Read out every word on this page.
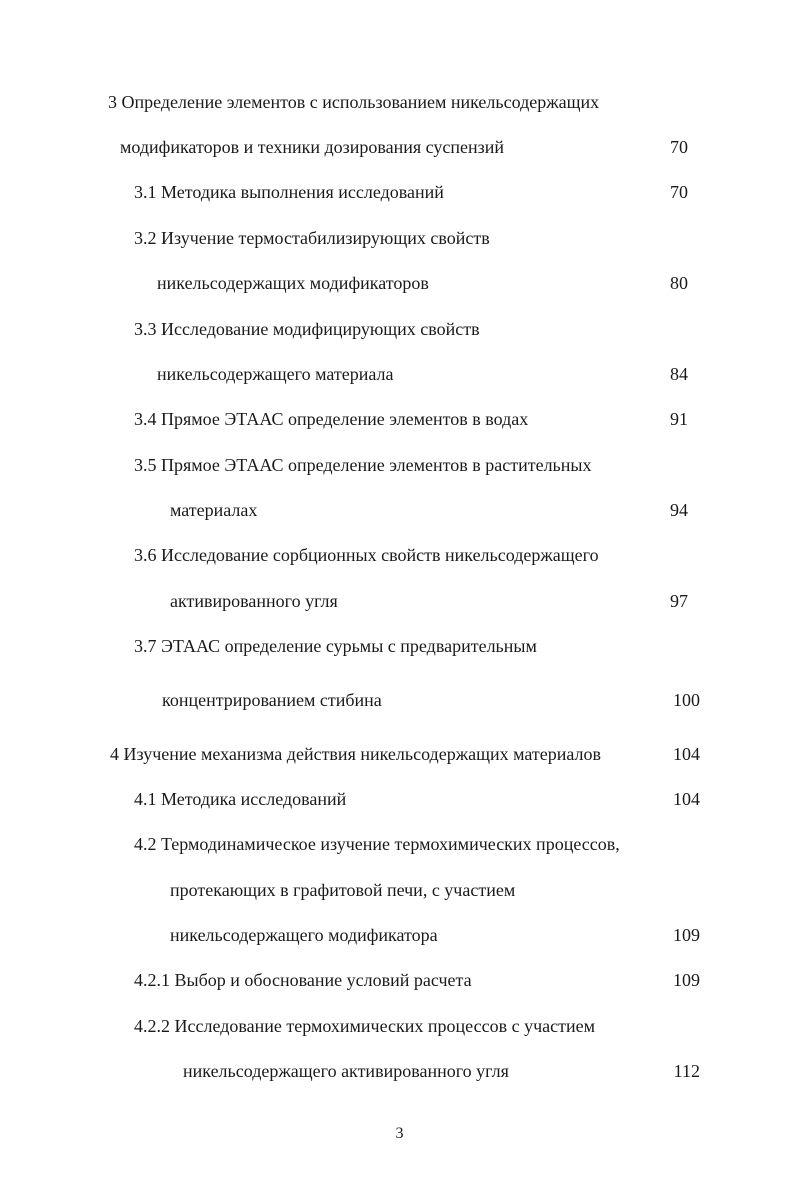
3 Определение элементов с использованием никельсодержащих
модификаторов и техники дозирования суспензий	70
3.1 Методика выполнения исследований	70
3.2 Изучение термостабилизирующих свойств
никельсодержащих модификаторов	80
3.3 Исследование модифицирующих свойств
никельсодержащего материала	84
3.4 Прямое ЭТААС определение элементов в водах	91
3.5 Прямое ЭТААС определение элементов в растительных
материалах	94
3.6 Исследование сорбционных свойств никельсодержащего
активированного угля	97
3.7 ЭТААС определение сурьмы с предварительным
концентрированием стибина	100
4 Изучение механизма действия никельсодержащих материалов	104
4.1 Методика исследований	104
4.2 Термодинамическое изучение термохимических процессов,
протекающих в графитовой печи, с участием
никельсодержащего модификатора	109
4.2.1 Выбор и обоснование условий расчета	109
4.2.2 Исследование термохимических процессов с участием
никельсодержащего активированного угля	112
3
